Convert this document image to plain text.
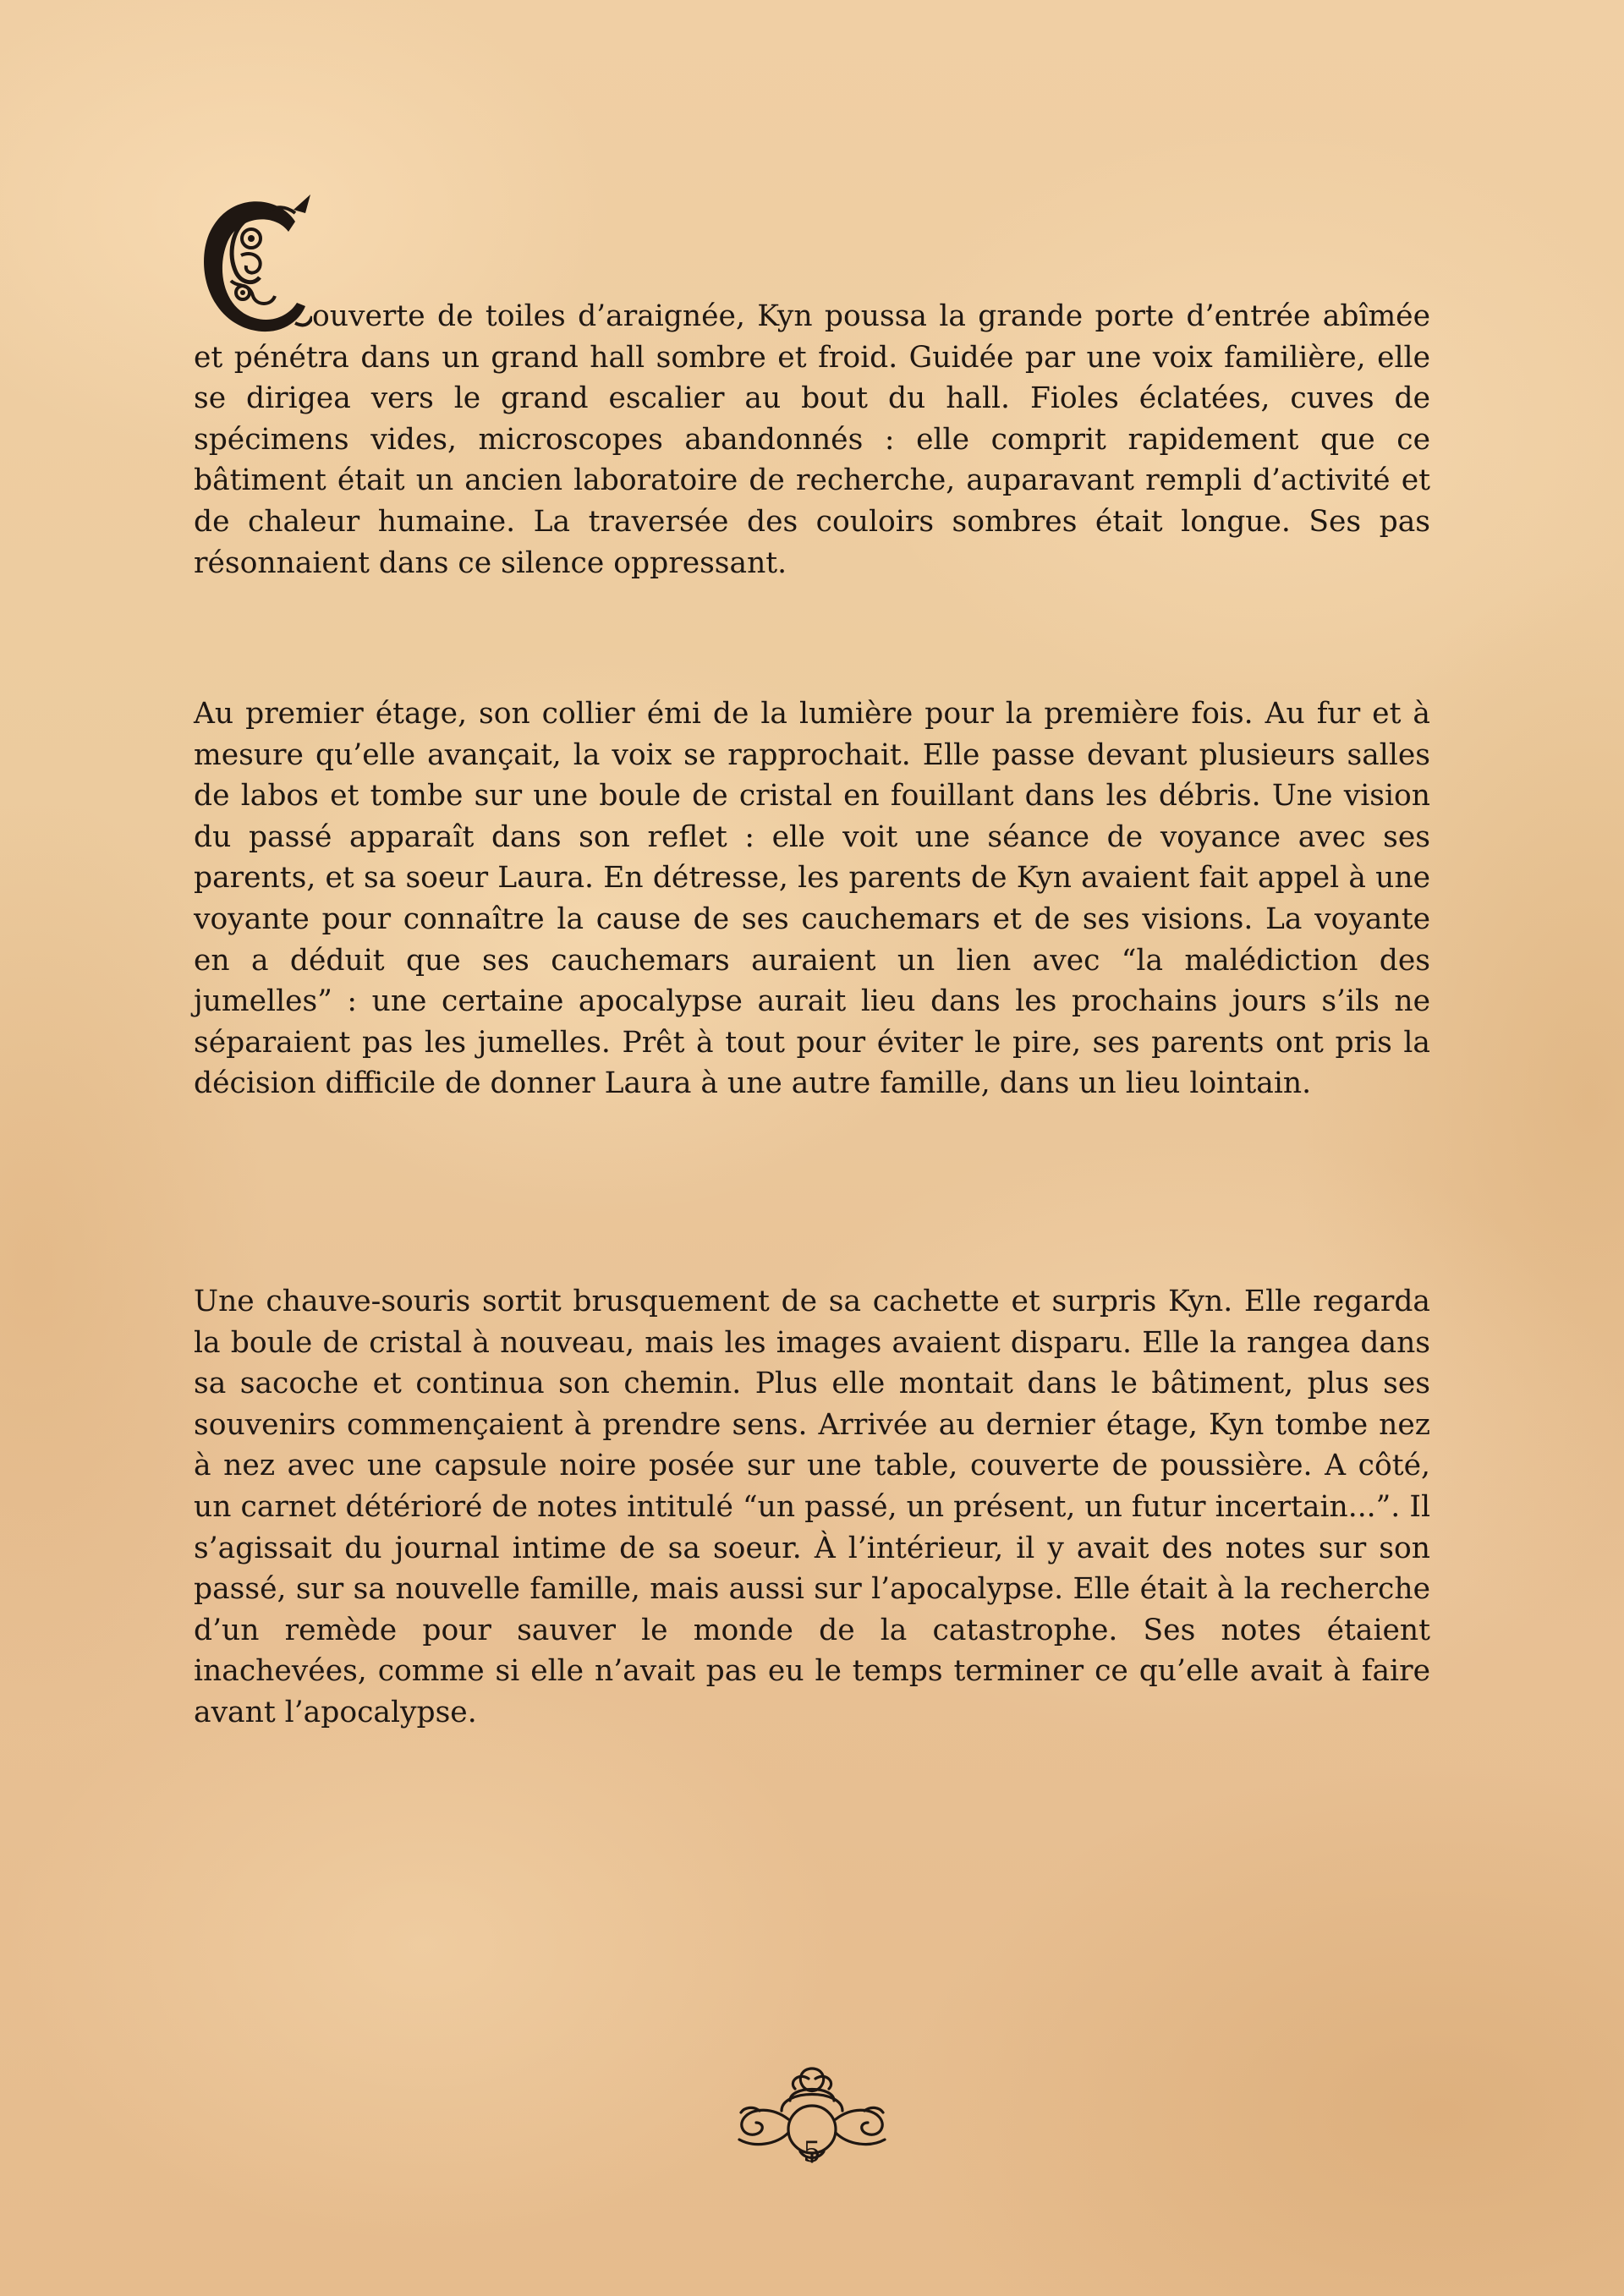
ouverte de toiles d’araignée, Kyn poussa la grande porte d’entrée abîmée et pénétra dans un grand hall sombre et froid. Guidée par une voix familière, elle se dirigea vers le grand escalier au bout du hall. Fioles éclatées, cuves de spécimens vides, microscopes abandonnés : elle comprit rapidement que ce bâtiment était un ancien laboratoire de recherche, auparavant rempli d’activité et de chaleur humaine. La traversée des couloirs sombres était longue. Ses pas résonnaient dans ce silence oppressant.

Au premier étage, son collier émi de la lumière pour la première fois. Au fur et à mesure qu’elle avançait, la voix se rapprochait. Elle passe devant plusieurs salles de labos et tombe sur une boule de cristal en fouillant dans les débris. Une vision du passé apparaît dans son reflet : elle voit une séance de voyance avec ses parents, et sa soeur Laura. En détresse, les parents de Kyn avaient fait appel à une voyante pour connaître la cause de ses cauchemars et de ses visions. La voyante en a déduit que ses cauchemars auraient un lien avec “la malédiction des jumelles” : une certaine apocalypse aurait lieu dans les prochains jours s’ils ne séparaient pas les jumelles. Prêt à tout pour éviter le pire, ses parents ont pris la décision difficile de donner Laura à une autre famille, dans un lieu lointain.

Une chauve-souris sortit brusquement de sa cachette et surpris Kyn. Elle regarda la boule de cristal à nouveau, mais les images avaient disparu. Elle la rangea dans sa sacoche et continua son chemin. Plus elle montait dans le bâtiment, plus ses souvenirs commençaient à prendre sens. Arrivée au dernier étage, Kyn tombe nez à nez avec une capsule noire posée sur une table, couverte de poussière. A côté, un carnet détérioré de notes intitulé “un passé, un présent, un futur incertain...”. Il s’agissait du journal intime de sa soeur. À l’intérieur, il y avait des notes sur son passé, sur sa nouvelle famille, mais aussi sur l’apocalypse. Elle était à la recherche d’un remède pour sauver le monde de la catastrophe. Ses notes étaient inachevées, comme si elle n’avait pas eu le temps terminer ce qu’elle avait à faire avant l’apocalypse.

5
